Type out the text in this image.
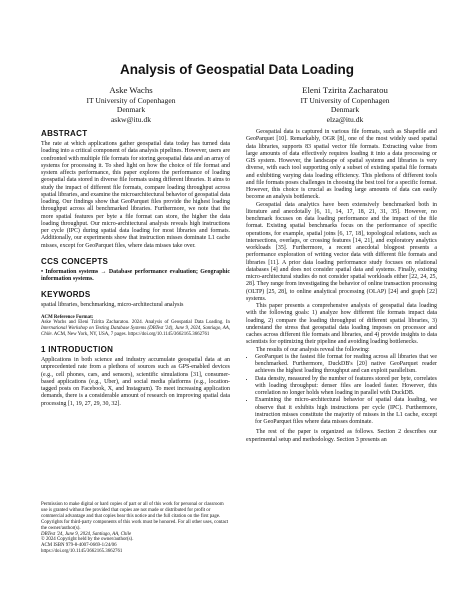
Analysis of Geospatial Data Loading
Aske Wachs
IT University of Copenhagen
Denmark
askw@itu.dk
Eleni Tzirita Zacharatou
IT University of Copenhagen
Denmark
elza@itu.dk
ABSTRACT

The rate at which applications gather geospatial data today has turned data loading into a critical component of data analysis pipelines. However, users are confronted with multiple file formats for storing geospatial data and an array of systems for processing it. To shed light on how the choice of file format and system affects performance, this paper explores the performance of loading geospatial data stored in diverse file formats using different libraries. It aims to study the impact of different file formats, compare loading throughput across spatial libraries, and examine the microarchitectural behavior of geospatial data loading. Our findings show that GeoParquet files provide the highest loading throughput across all benchmarked libraries. Furthermore, we note that the more spatial features per byte a file format can store, the higher the data loading throughput. Our micro-architectural analysis reveals high instructions per cycle (IPC) during spatial data loading for most libraries and formats. Additionally, our experiments show that instruction misses dominate L1 cache misses, except for GeoParquet files, where data misses take over.

CCS CONCEPTS

• Information systems → Database performance evaluation; Geographic information systems.

KEYWORDS

spatial libraries, benchmarking, micro-architectural analysis

ACM Reference Format:
Aske Wachs and Eleni Tzirita Zacharatou. 2024. Analysis of Geospatial Data Loading. In International Workshop on Testing Database Systems (DBTest '24), June 9, 2024, Santiago, AA, Chile. ACM, New York, NY, USA, 7 pages. https://doi.org/10.1145/3662165.3662761

1 INTRODUCTION

Applications in both science and industry accumulate geospatial data at an unprecedented rate from a plethora of sources such as GPS-enabled devices (e.g., cell phones, cars, and sensors), scientific simulations [31], consumer-based applications (e.g., Uber), and social media platforms (e.g., location-tagged posts on Facebook, X, and Instagram). To meet increasing application demands, there is a considerable amount of research on improving spatial data processing [1, 19, 27, 29, 30, 32].

Permission to make digital or hard copies of part or all of this work for personal or classroom use is granted without fee provided that copies are not made or distributed for profit or commercial advantage and that copies bear this notice and the full citation on the first page. Copyrights for third-party components of this work must be honored. For all other uses, contact the owner/author(s).

DBTest '24, June 9, 2024, Santiago, AA, Chile

© 2024 Copyright held by the owner/author(s).

ACM ISBN 979-8-4007-0669-1/24/06

https://doi.org/10.1145/3662165.3662761

Geospatial data is captured in various file formats, such as Shapefile and GeoParquet [10]. Remarkably, OGR [8], one of the most widely used spatial data libraries, supports 83 spatial vector file formats. Extracting value from large amounts of data effectively requires loading it into a data processing or GIS system. However, the landscape of spatial systems and libraries is very diverse, with each tool supporting only a subset of existing spatial file formats and exhibiting varying data loading efficiency. This plethora of different tools and file formats poses challenges in choosing the best tool for a specific format. However, this choice is crucial as loading large amounts of data can easily become an analysis bottleneck.

Geospatial data analytics have been extensively benchmarked both in literature and anecdotally [6, 11, 14, 17, 18, 21, 31, 35]. However, no benchmark focuses on data loading performance and the impact of the file format. Existing spatial benchmarks focus on the performance of specific operations, for example, spatial joins [6, 17, 18], topological relations, such as intersections, overlaps, or crossing features [14, 21], and exploratory analytics workloads [35]. Furthermore, a recent anecdotal blogpost presents a performance exploration of writing vector data with different file formats and libraries [11]. A prior data loading performance study focuses on relational databases [4] and does not consider spatial data and systems. Finally, existing micro-architectural studies do not consider spatial workloads either [22, 24, 25, 28]. They range from investigating the behavior of online transaction processing (OLTP) [25, 28], to online analytical processing (OLAP) [24] and graph [22] systems.

This paper presents a comprehensive analysis of geospatial data loading with the following goals: 1) analyze how different file formats impact data loading, 2) compare the loading throughput of different spatial libraries, 3) understand the stress that geospatial data loading imposes on processor and caches across different file formats and libraries, and 4) provide insights to data scientists for optimizing their pipeline and avoiding loading bottlenecks.

The results of our analysis reveal the following:

• GeoParquet is the fastest file format for reading across all libraries that we benchmarked. Furthermore, DuckDB's [20] native GeoParquet reader achieves the highest loading throughput and can exploit parallelism.
• Data density, measured by the number of features stored per byte, correlates with loading throughput: denser files are loaded faster. However, this correlation no longer holds when loading in parallel with DuckDB.
• Examining the micro-architectural behavior of spatial data loading, we observe that it exhibits high instructions per cycle (IPC). Furthermore, instruction misses constitute the majority of misses in the L1 cache, except for GeoParquet files where data misses dominate.

The rest of the paper is organized as follows. Section 2 describes our experimental setup and methodology. Section 3 presents an
